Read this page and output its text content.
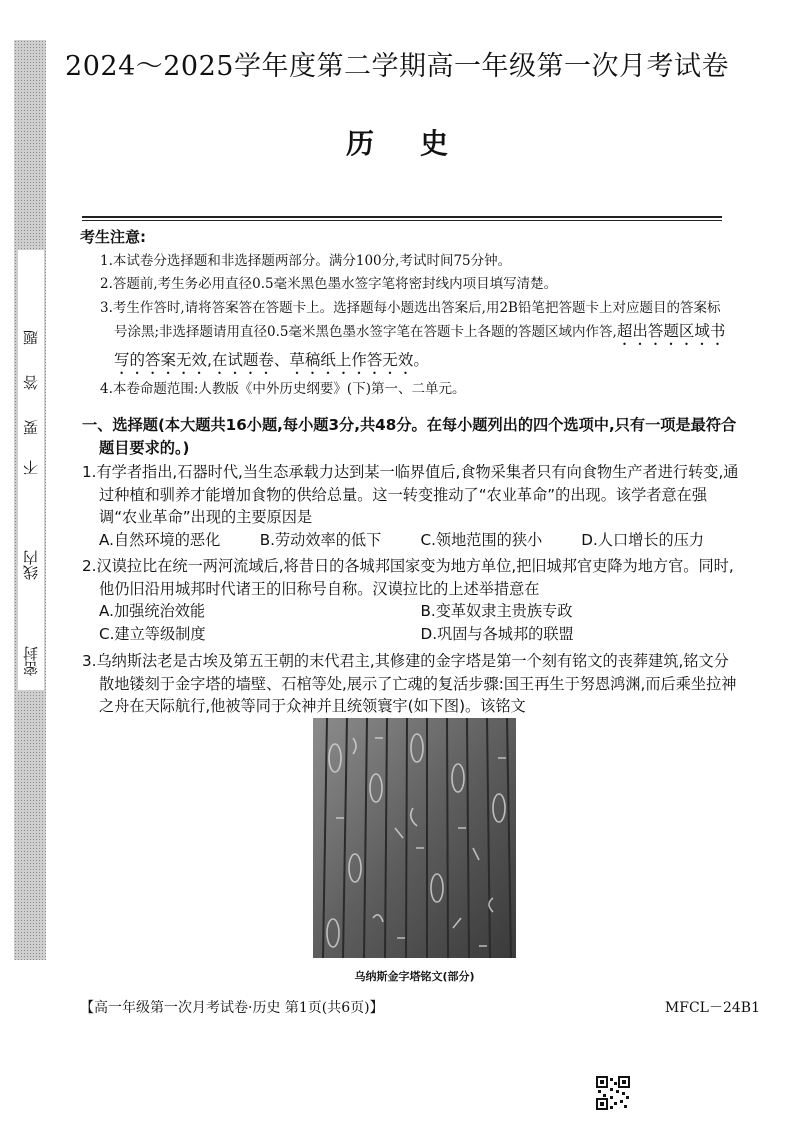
密封
线内
不
要
答
题
2024～2025学年度第二学期高一年级第一次月考试卷
历史
考生注意:
1.本试卷分选择题和非选择题两部分。满分100分,考试时间75分钟。
2.答题前,考生务必用直径0.5毫米黑色墨水签字笔将密封线内项目填写清楚。
3.考生作答时,请将答案答在答题卡上。选择题每小题选出答案后,用2B铅笔把答题卡上对应题目的答案标号涂黑;非选择题请用直径0.5毫米黑色墨水签字笔在答题卡上各题的答题区域内作答,超出答题区域书写的答案无效,在试题卷、草稿纸上作答无效。
4.本卷命题范围:人教版《中外历史纲要》(下)第一、二单元。

一、选择题(本大题共16小题,每小题3分,共48分。在每小题列出的四个选项中,只有一项是最符合题目要求的。)

1.有学者指出,石器时代,当生态承载力达到某一临界值后,食物采集者只有向食物生产者进行转变,通过种植和驯养才能增加食物的供给总量。这一转变推动了“农业革命”的出现。该学者意在强调“农业革命”出现的主要原因是

A.自然环境的恶化	B.劳动效率的低下	C.领地范围的狭小	D.人口增长的压力

2.汉谟拉比在统一两河流域后,将昔日的各城邦国家变为地方单位,把旧城邦官吏降为地方官。同时,他仍旧沿用城邦时代诸王的旧称号自称。汉谟拉比的上述举措意在

A.加强统治效能	B.变革奴隶主贵族专政
C.建立等级制度	D.巩固与各城邦的联盟

3.乌纳斯法老是古埃及第五王朝的末代君主,其修建的金字塔是第一个刻有铭文的丧葬建筑,铭文分散地镂刻于金字塔的墙壁、石棺等处,展示了亡魂的复活步骤:国王再生于努恩鸿渊,而后乘坐拉神之舟在天际航行,他被等同于众神并且统领寰宇(如下图)。该铭文

乌纳斯金字塔铭文(部分)
【高一年级第一次月考试卷·历史 第1页(共6页)】	MFCL－24B1
